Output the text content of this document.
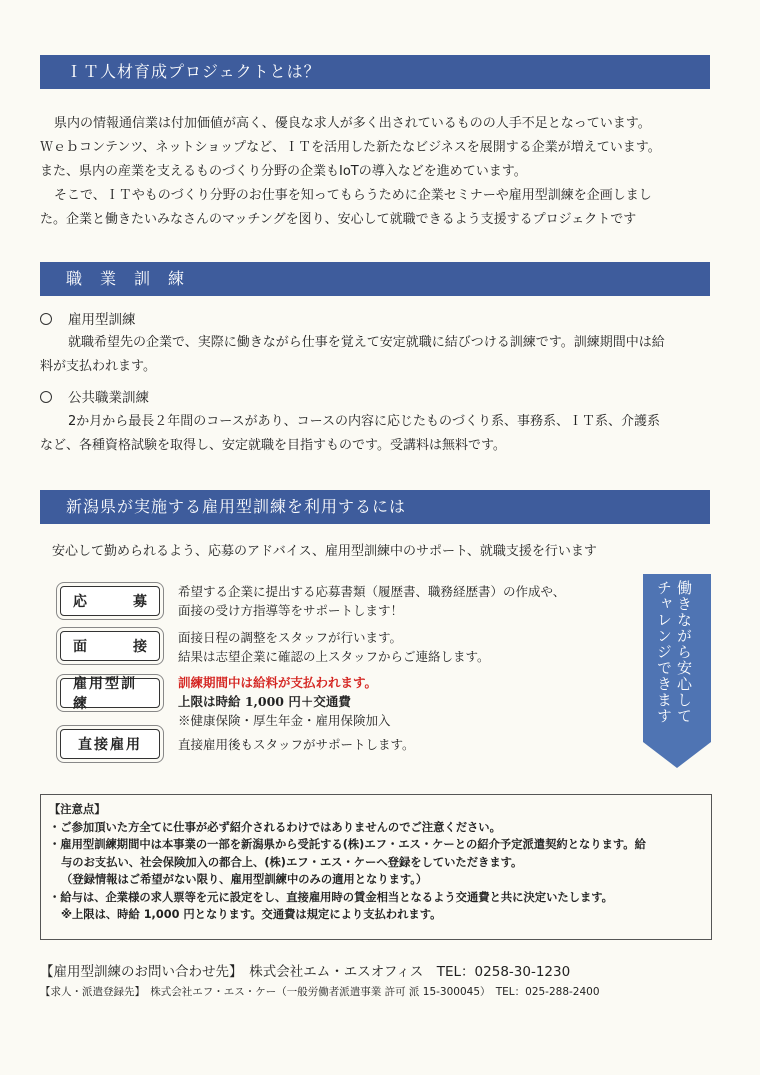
ＩＴ人材育成プロジェクトとは？
県内の情報通信業は付加価値が高く、優良な求人が多く出されているものの人手不足となっています。
Ｗｅｂコンテンツ、ネットショップなど、ＩＴを活用した新たなビジネスを展開する企業が増えています。
また、県内の産業を支えるものづくり分野の企業もIoTの導入などを進めています。
そこで、ＩＴやものづくり分野のお仕事を知ってもらうために企業セミナーや雇用型訓練を企画しまし
た。企業と働きたいみなさんのマッチングを図り、安心して就職できるよう支援するプロジェクトです
職　業　訓　練
雇用型訓練
就職希望先の企業で、実際に働きながら仕事を覚えて安定就職に結びつける訓練です。訓練期間中は給
料が支払われます。
公共職業訓練
2か月から最長２年間のコースがあり、コースの内容に応じたものづくり系、事務系、ＩＴ系、介護系
など、各種資格試験を取得し、安定就職を目指すものです。受講料は無料です。
新潟県が実施する雇用型訓練を利用するには
安心して勤められるよう、応募のアドバイス、雇用型訓練中のサポート、就職支援を行います
応	募
希望する企業に提出する応募書類（履歴書、職務経歴書）の作成や、
面接の受け方指導等をサポートします！
面	接
面接日程の調整をスタッフが行います。
結果は志望企業に確認の上スタッフからご連絡します。
雇用型訓練
訓練期間中は給料が支払われます。
上限は時給 1,000 円＋交通費
※健康保険・厚生年金・雇用保険加入
直接雇用	直接雇用後もスタッフがサポートします。
働きながら安心して
チャレンジできます
【注意点】
・ご参加頂いた方全てに仕事が必ず紹介されるわけではありませんのでご注意ください。
・雇用型訓練期間中は本事業の一部を新潟県から受託する(株)エフ・エス・ケーとの紹介予定派遣契約となります。給
与のお支払い、社会保険加入の都合上、(株)エフ・エス・ケーへ登録をしていただきます。
（登録情報はご希望がない限り、雇用型訓練中のみの適用となります。）
・給与は、企業様の求人票等を元に設定をし、直接雇用時の賃金相当となるよう交通費と共に決定いたします。
※上限は、時給 1,000 円となります。交通費は規定により支払われます。
【雇用型訓練のお問い合わせ先】　株式会社エム・エスオフィス　TEL：0258-30-1230
【求人・派遣登録先】　株式会社エフ・エス・ケー（一般労働者派遣事業 許可 派 15-300045）　TEL：025-288-2400
